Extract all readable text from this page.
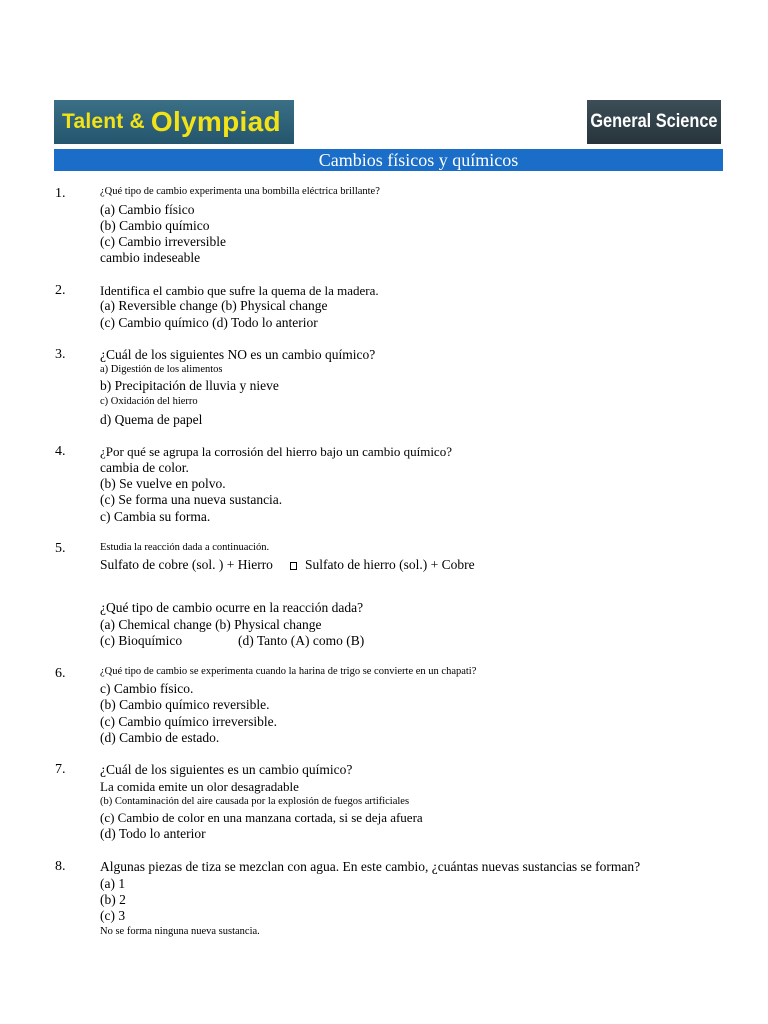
Talent & Olympiad	General Science
Cambios físicos y químicos
1.	¿Qué tipo de cambio experimenta una bombilla eléctrica brillante?
(a) Cambio físico
(b) Cambio químico
(c) Cambio irreversible
cambio indeseable
2.	Identifica el cambio que sufre la quema de la madera.
(a) Reversible change (b) Physical change
(c) Cambio químico (d) Todo lo anterior
3.	¿Cuál de los siguientes NO es un cambio químico?
a) Digestión de los alimentos
b) Precipitación de lluvia y nieve
c) Oxidación del hierro
d) Quema de papel
4.	¿Por qué se agrupa la corrosión del hierro bajo un cambio químico?
cambia de color.
(b) Se vuelve en polvo.
(c) Se forma una nueva sustancia.
c) Cambia su forma.
5.	Estudia la reacción dada a continuación.
Sulfato de cobre (sol. ) + Hierro Sulfato de hierro (sol.) + Cobre
¿Qué tipo de cambio ocurre en la reacción dada?
(a) Chemical change (b) Physical change
(c) Bioquímico	(d) Tanto (A) como (B)
6.	¿Qué tipo de cambio se experimenta cuando la harina de trigo se convierte en un chapati?
c) Cambio físico.
(b) Cambio químico reversible.
(c) Cambio químico irreversible.
(d) Cambio de estado.
7.	¿Cuál de los siguientes es un cambio químico?
La comida emite un olor desagradable
(b) Contaminación del aire causada por la explosión de fuegos artificiales
(c) Cambio de color en una manzana cortada, si se deja afuera
(d) Todo lo anterior
8.	Algunas piezas de tiza se mezclan con agua. En este cambio, ¿cuántas nuevas sustancias se forman?
(a) 1
(b) 2
(c) 3
No se forma ninguna nueva sustancia.
